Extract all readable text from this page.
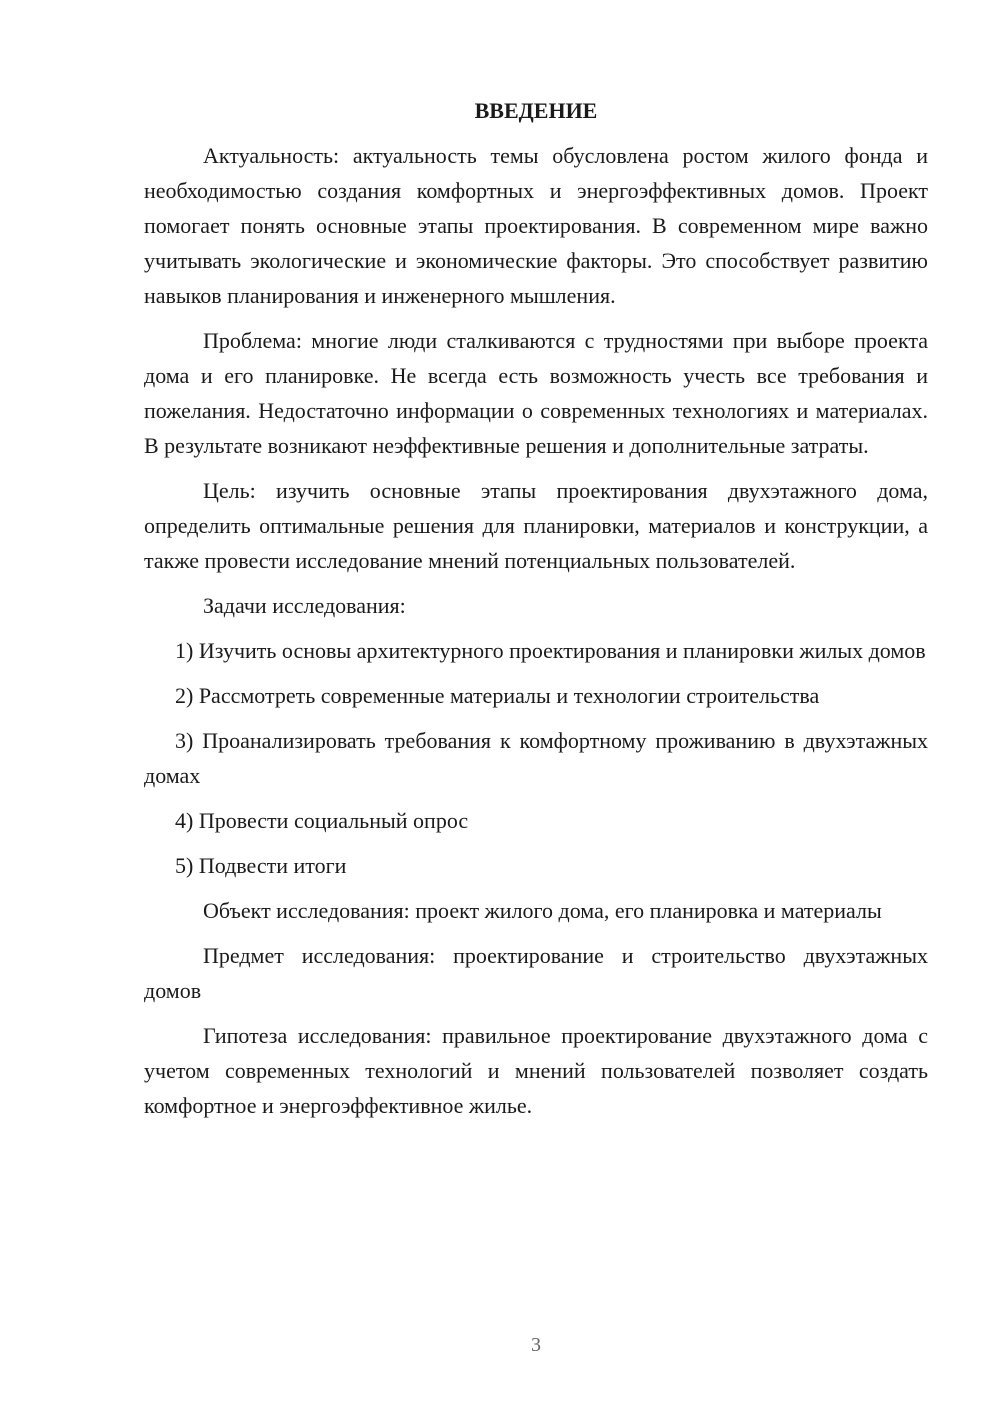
ВВЕДЕНИЕ

Актуальность: актуальность темы обусловлена ростом жилого фонда и необходимостью создания комфортных и энергоэффективных домов. Проект помогает понять основные этапы проектирования. В современном мире важно учитывать экологические и экономические факторы. Это способствует развитию навыков планирования и инженерного мышления.

Проблема: многие люди сталкиваются с трудностями при выборе проекта дома и его планировке. Не всегда есть возможность учесть все требования и пожелания. Недостаточно информации о современных технологиях и материалах. В результате возникают неэффективные решения и дополнительные затраты.

Цель: изучить основные этапы проектирования двухэтажного дома, определить оптимальные решения для планировки, материалов и конструкции, а также провести исследование мнений потенциальных пользователей.

Задачи исследования:

1) Изучить основы архитектурного проектирования и планировки жилых домов

2) Рассмотреть современные материалы и технологии строительства

3) Проанализировать требования к комфортному проживанию в двухэтажных домах

4) Провести социальный опрос

5) Подвести итоги

Объект исследования: проект жилого дома, его планировка и материалы

Предмет исследования: проектирование и строительство двухэтажных домов

Гипотеза исследования: правильное проектирование двухэтажного дома с учетом современных технологий и мнений пользователей позволяет создать комфортное и энергоэффективное жилье.

3
